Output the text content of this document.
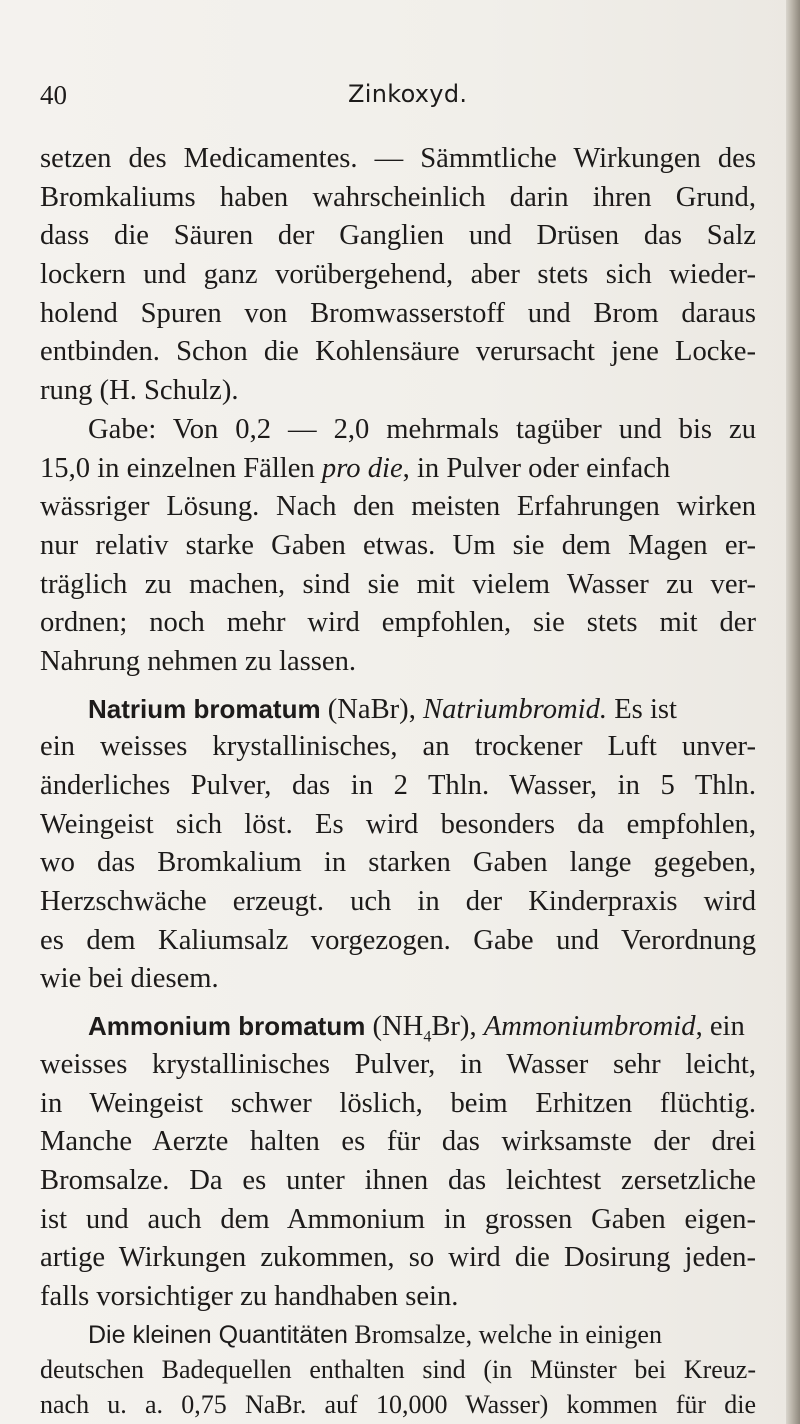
40	Zinkoxyd.
setzen des Medicamentes. — Sämmtliche Wirkungen des
Bromkaliums haben wahrscheinlich darin ihren Grund,
dass die Säuren der Ganglien und Drüsen das Salz
lockern und ganz vorübergehend, aber stets sich wieder-
holend Spuren von Bromwasserstoff und Brom daraus
entbinden. Schon die Kohlensäure verursacht jene Locke-
rung (H. Schulz).
Gabe: Von 0,2 — 2,0 mehrmals tagüber und bis zu
15,0 in einzelnen Fällen pro die, in Pulver oder einfach
wässriger Lösung. Nach den meisten Erfahrungen wirken
nur relativ starke Gaben etwas. Um sie dem Magen er-
träglich zu machen, sind sie mit vielem Wasser zu ver-
ordnen; noch mehr wird empfohlen, sie stets mit der
Nahrung nehmen zu lassen.
Natrium bromatum (NaBr), Natriumbromid. Es ist
ein weisses krystallinisches, an trockener Luft unver-
änderliches Pulver, das in 2 Thln. Wasser, in 5 Thln.
Weingeist sich löst. Es wird besonders da empfohlen,
wo das Bromkalium in starken Gaben lange gegeben,
Herzschwäche erzeugt. uch in der Kinderpraxis wird
es dem Kaliumsalz vorgezogen. Gabe und Verordnung
wie bei diesem.
Ammonium bromatum $(NH_4Br)$, Ammoniumbromid, ein
weisses krystallinisches Pulver, in Wasser sehr leicht,
in Weingeist schwer löslich, beim Erhitzen flüchtig.
Manche Aerzte halten es für das wirksamste der drei
Bromsalze. Da es unter ihnen das leichtest zersetzliche
ist und auch dem Ammonium in grossen Gaben eigen-
artige Wirkungen zukommen, so wird die Dosirung jeden-
falls vorsichtiger zu handhaben sein.
Die kleinen Quantitäten Bromsalze, welche in einigen
deutschen Badequellen enthalten sind (in Münster bei Kreuz-
nach u. a. 0,75 NaBr. auf 10,000 Wasser) kommen für die
